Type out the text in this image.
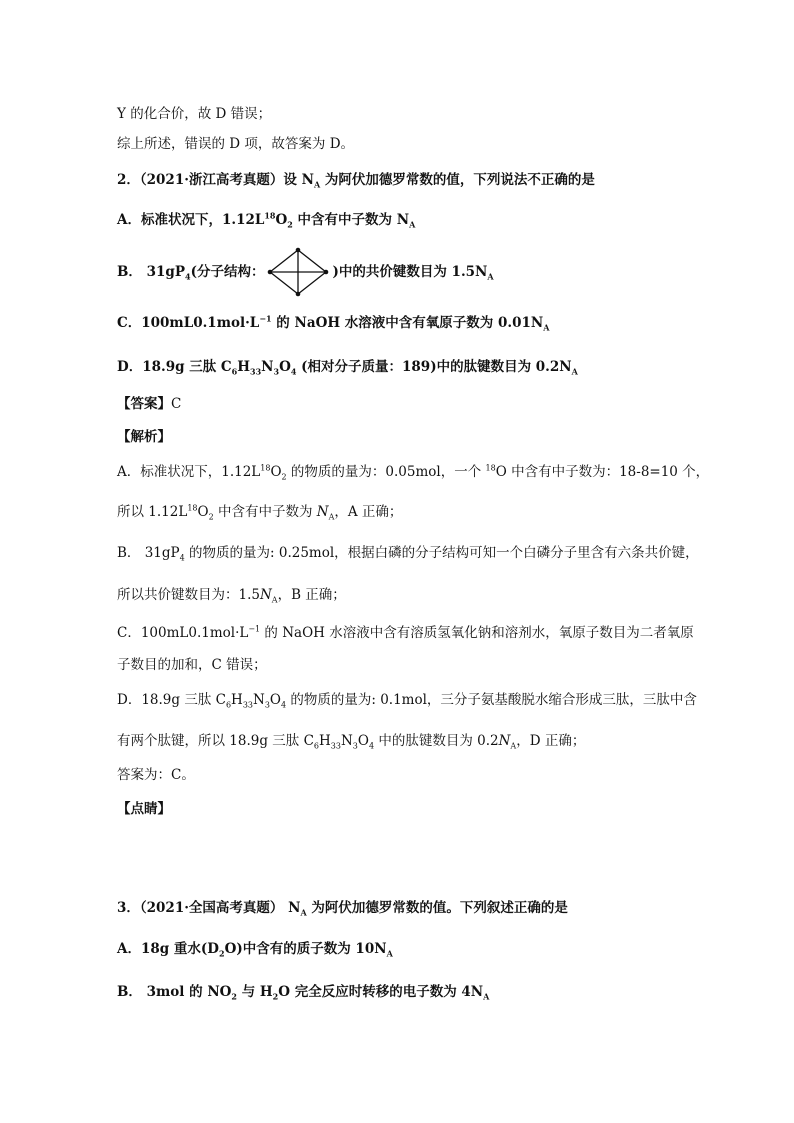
Y 的化合价，故 D 错误；
综上所述，错误的 D 项，故答案为 D。
2．（2021·浙江高考真题）设 $N_A$ 为阿伏加德罗常数的值，下列说法不正确的是
A．标准状况下，$1.12L^{18}O_2$ 中含有中子数为 $N_A$
B． $31gP_4$(分子结构：	)中的共价键数目为 $1.5N_A$
C．$100mL0.1mol\cdot L^{-1}$ 的 NaOH 水溶液中含有氧原子数为 $0.01N_A$
D．18.9g 三肽 $C_6H_{33}N_3O_4$ (相对分子质量：189)中的肽键数目为 $0.2N_A$
【答案】C
【解析】
A．标准状况下，$1.12L^{18}O_2$ 的物质的量为：0.05mol，一个 $^{18}$O 中含有中子数为：18-8=10 个，
所以 $1.12L^{18}O_2$ 中含有中子数为 $N_A$，A 正确；
B． $31gP_4$ 的物质的量为: 0.25mol，根据白磷的分子结构可知一个白磷分子里含有六条共价键，
所以共价键数目为：$1.5N_A$，B 正确；
C．$100mL0.1mol\cdot L^{-1}$ 的 NaOH 水溶液中含有溶质氢氧化钠和溶剂水，氧原子数目为二者氧原
子数目的加和，C 错误；
D．18.9g 三肽 $C_6H_{33}N_3O_4$ 的物质的量为: 0.1mol，三分子氨基酸脱水缩合形成三肽，三肽中含
有两个肽键，所以 18.9g 三肽 $C_6H_{33}N_3O_4$ 中的肽键数目为 $0.2N_A$，D 正确；
答案为：C。
【点睛】
3．（2021·全国高考真题） $N_A$ 为阿伏加德罗常数的值。下列叙述正确的是
A．18g 重水$(D_2O)$中含有的质子数为 $10N_A$
B． 3mol 的 $NO_2$ 与 $H_2O$ 完全反应时转移的电子数为 $4N_A$
